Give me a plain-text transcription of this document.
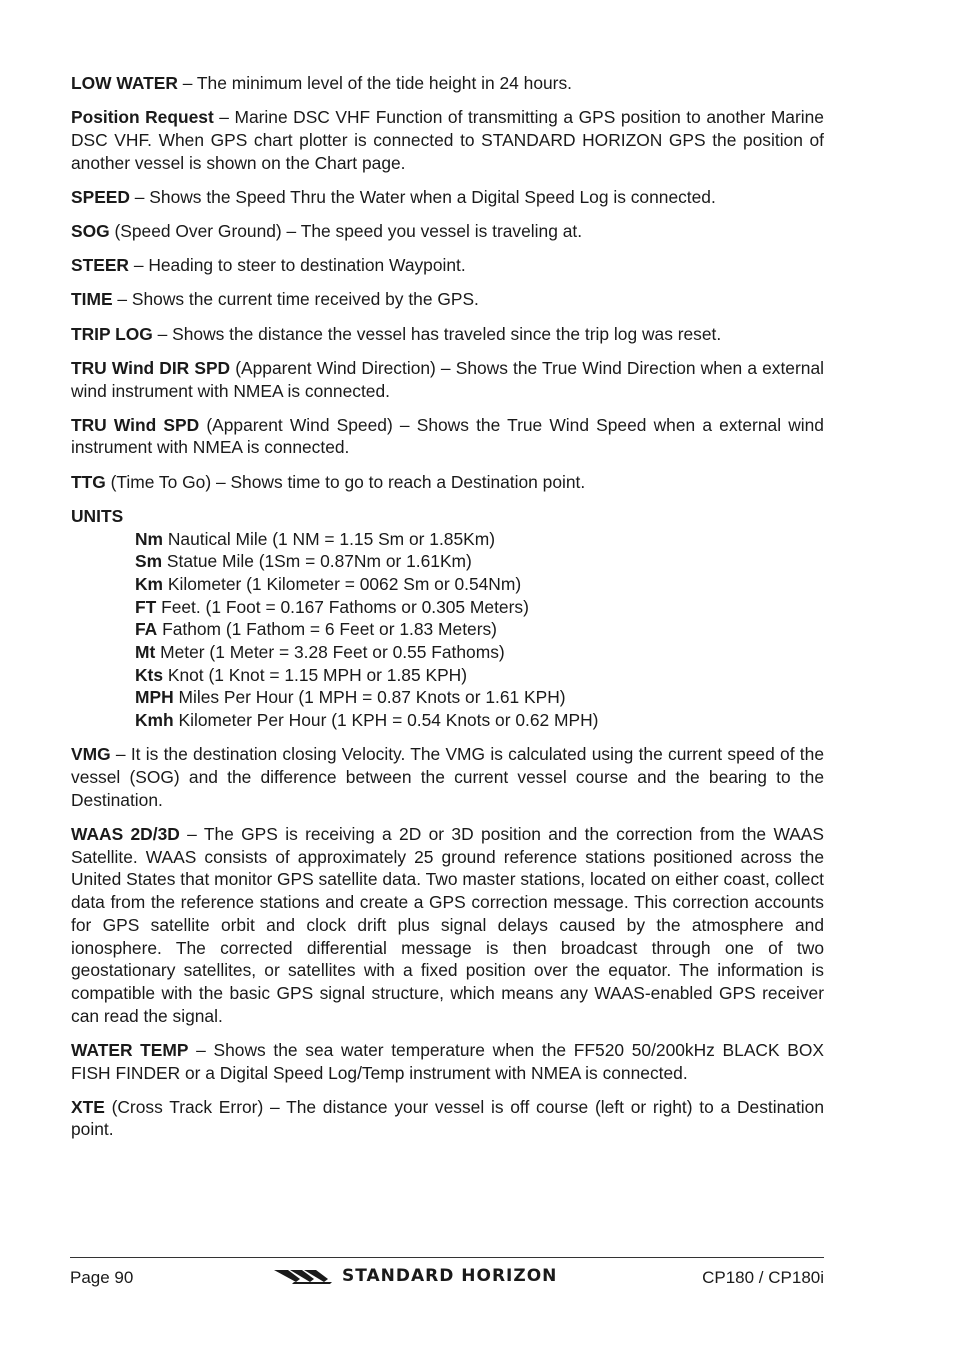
LOW WATER – The minimum level of the tide height in 24 hours.

Position Request – Marine DSC VHF Function of transmitting a GPS position to another Marine DSC VHF. When GPS chart plotter is connected to STANDARD HORIZON GPS the position of another vessel is shown on the Chart page.

SPEED – Shows the Speed Thru the Water when a Digital Speed Log is connected.

SOG (Speed Over Ground) – The speed you vessel is traveling at.

STEER – Heading to steer to destination Waypoint.

TIME – Shows the current time received by the GPS.

TRIP LOG – Shows the distance the vessel has traveled since the trip log was reset.

TRU Wind DIR SPD (Apparent Wind Direction) – Shows the True Wind Direction when a external wind instrument with NMEA is connected.

TRU Wind SPD (Apparent Wind Speed) – Shows the True Wind Speed when a external wind instrument with NMEA is connected.

TTG (Time To Go) – Shows time to go to reach a Destination point.

UNITS
Nm Nautical Mile (1 NM = 1.15 Sm or 1.85Km)
Sm Statue Mile (1Sm = 0.87Nm or 1.61Km)
Km Kilometer (1 Kilometer = 0062 Sm or 0.54Nm)
FT Feet. (1 Foot = 0.167 Fathoms or 0.305 Meters)
FA Fathom (1 Fathom = 6 Feet or 1.83 Meters)
Mt Meter (1 Meter = 3.28 Feet or 0.55 Fathoms)
Kts Knot (1 Knot = 1.15 MPH or 1.85 KPH)
MPH Miles Per Hour (1 MPH = 0.87 Knots or 1.61 KPH)
Kmh Kilometer Per Hour (1 KPH = 0.54 Knots or 0.62 MPH)

VMG – It is the destination closing Velocity. The VMG is calculated using the current speed of the vessel (SOG) and the difference between the current vessel course and the bearing to the Destination.

WAAS 2D/3D – The GPS is receiving a 2D or 3D position and the correction from the WAAS Satellite. WAAS consists of approximately 25 ground reference stations positioned across the United States that monitor GPS satellite data. Two master stations, located on either coast, collect data from the reference stations and create a GPS correction message. This correction accounts for GPS satellite orbit and clock drift plus signal delays caused by the atmosphere and ionosphere. The corrected differential message is then broadcast through one of two geostationary satellites, or satellites with a fixed position over the equator. The information is compatible with the basic GPS signal structure, which means any WAAS-enabled GPS receiver can read the signal.

WATER TEMP – Shows the sea water temperature when the FF520 50/200kHz BLACK BOX FISH FINDER or a Digital Speed Log/Temp instrument with NMEA is connected.

XTE (Cross Track Error) – The distance your vessel is off course (left or right) to a Destination point.

Page 90	STANDARD HORIZON	CP180 / CP180i
